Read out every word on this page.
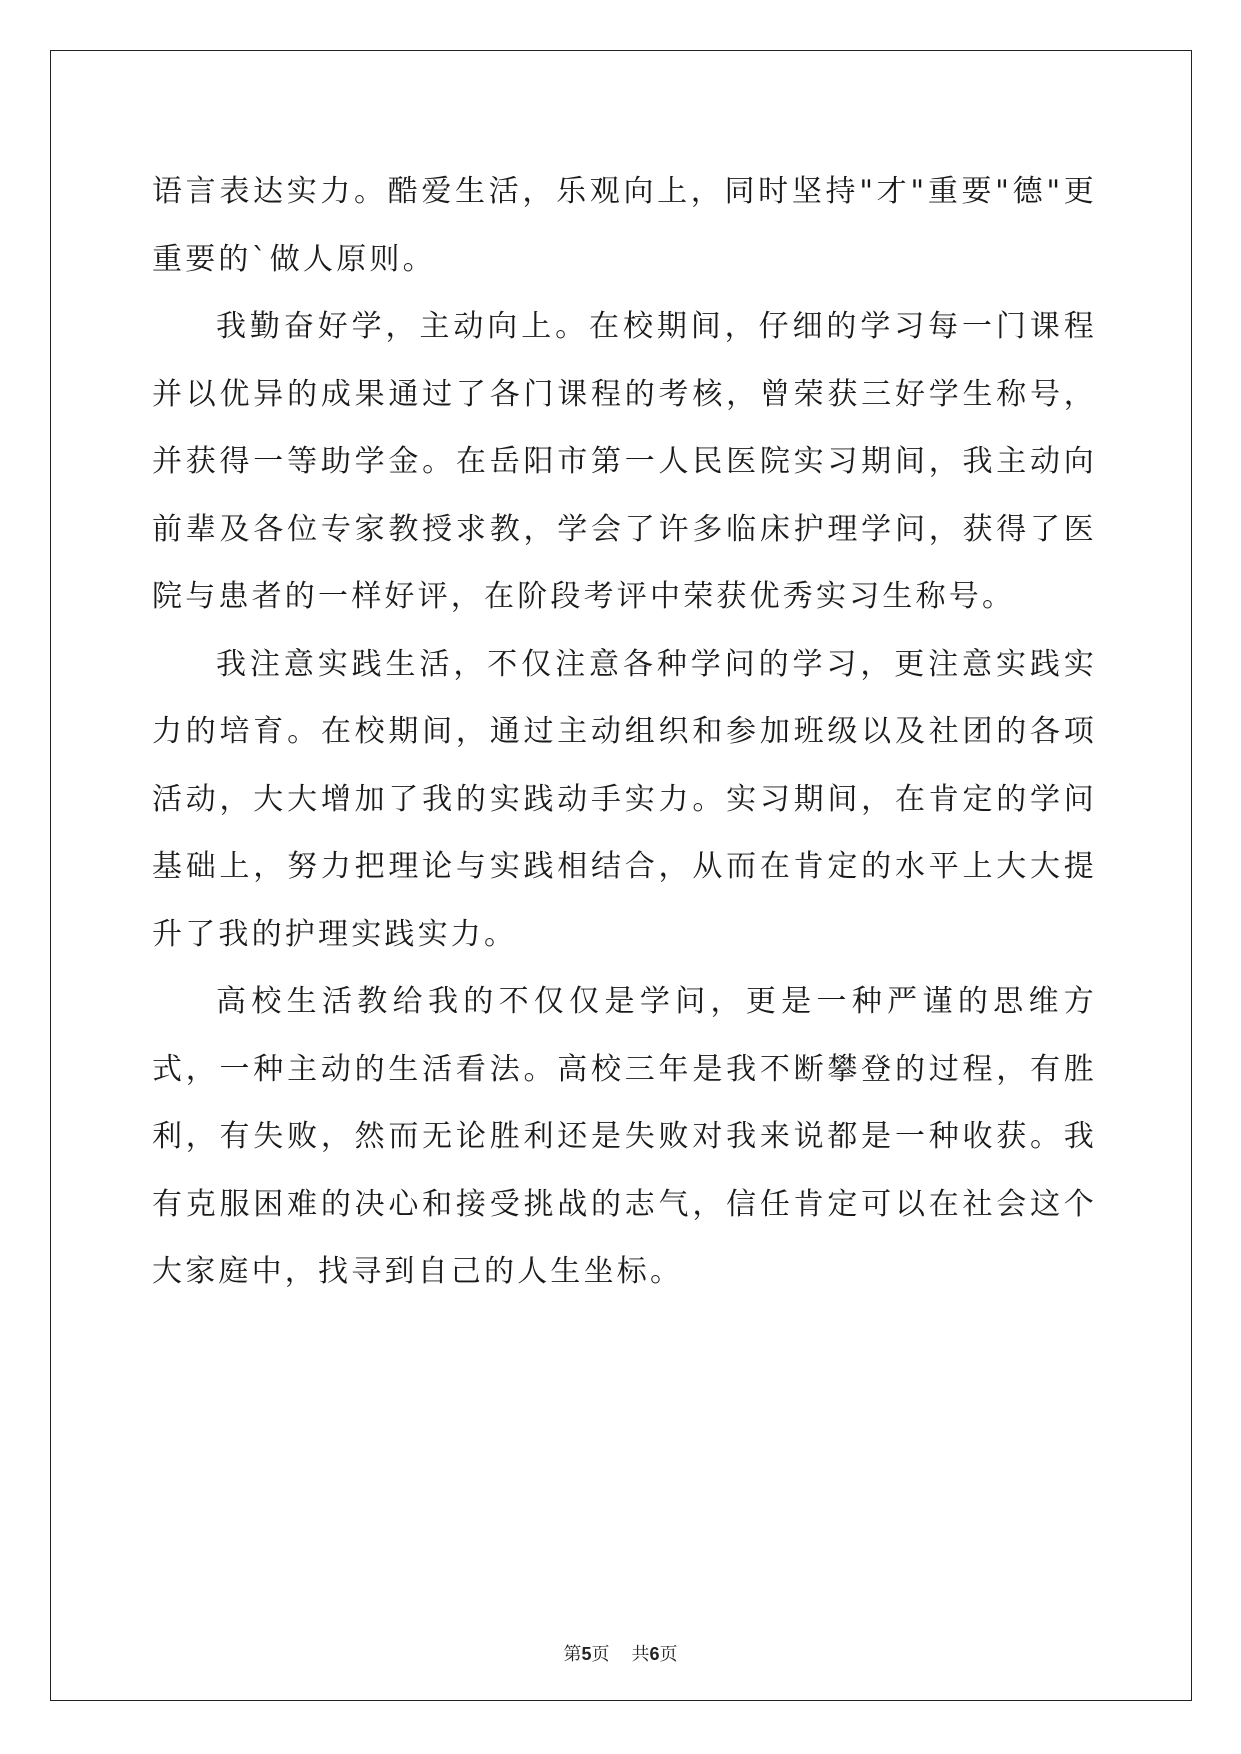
语言表达实力。酷爱生活，乐观向上，同时坚持"才"重要"德"更重要的`做人原则。

我勤奋好学，主动向上。在校期间，仔细的学习每一门课程并以优异的成果通过了各门课程的考核，曾荣获三好学生称号，并获得一等助学金。在岳阳市第一人民医院实习期间，我主动向前辈及各位专家教授求教，学会了许多临床护理学问，获得了医院与患者的一样好评，在阶段考评中荣获优秀实习生称号。

我注意实践生活，不仅注意各种学问的学习，更注意实践实力的培育。在校期间，通过主动组织和参加班级以及社团的各项活动，大大增加了我的实践动手实力。实习期间，在肯定的学问基础上，努力把理论与实践相结合，从而在肯定的水平上大大提升了我的护理实践实力。

高校生活教给我的不仅仅是学问，更是一种严谨的思维方式，一种主动的生活看法。高校三年是我不断攀登的过程，有胜利，有失败，然而无论胜利还是失败对我来说都是一种收获。我有克服困难的决心和接受挑战的志气，信任肯定可以在社会这个大家庭中，找寻到自己的人生坐标。

第5页 共6页
